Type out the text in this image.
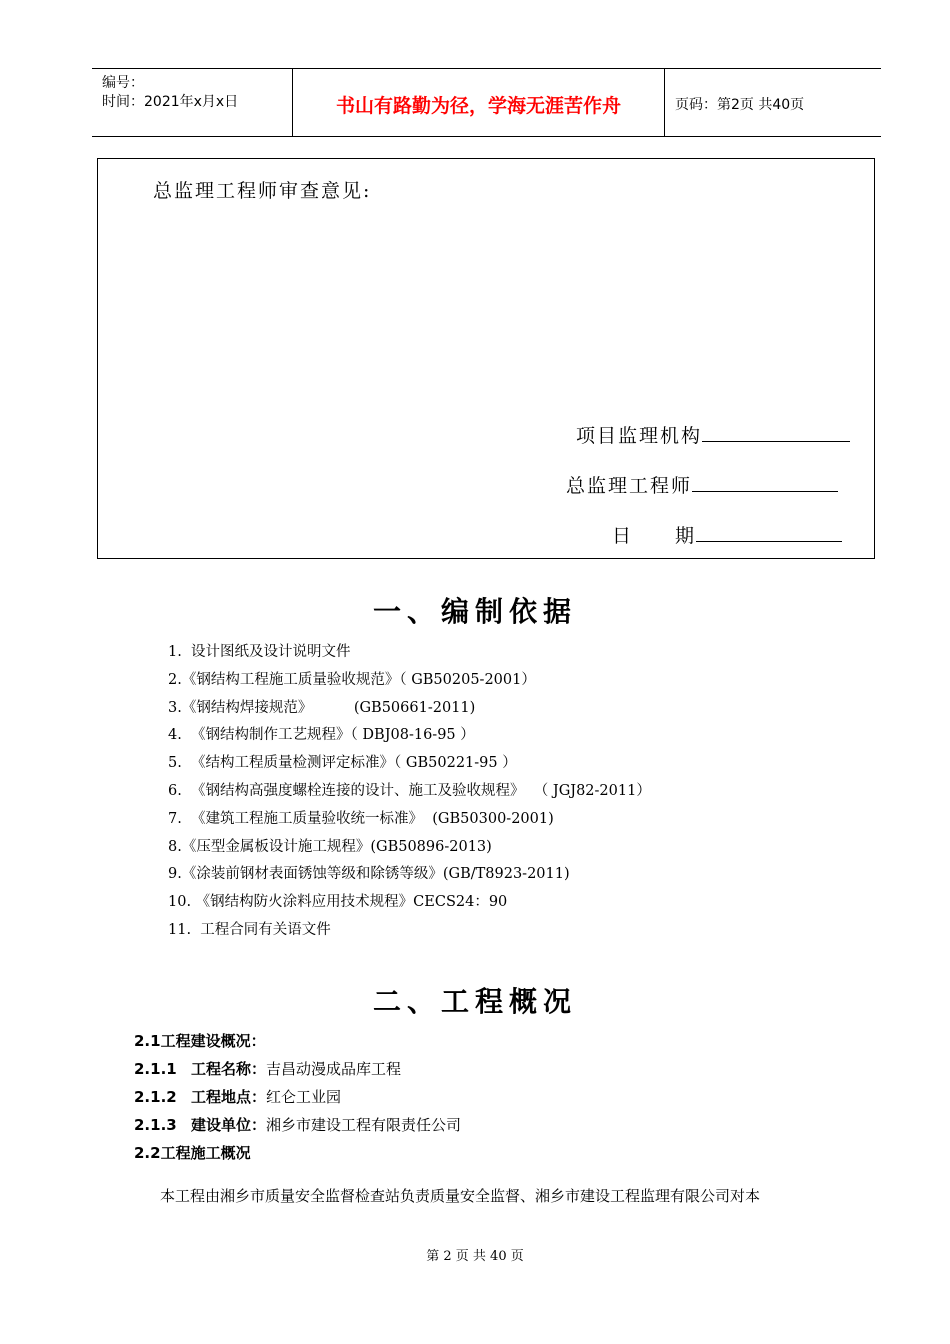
编号：
时间：2021年x月x日	书山有路勤为径，学海无涯苦作舟	页码：第2页 共40页
总监理工程师审查意见:
项目监理机构
总监理工程师
日　　期
一、编制依据
1.  设计图纸及设计说明文件
2.《钢结构工程施工质量验收规范》（ GB50205-2001）
3.《钢结构焊接规范》         (GB50661-2011)
4.  《钢结构制作工艺规程》（ DBJ08-16-95 ）
5.  《结构工程质量检测评定标准》（ GB50221-95 ）
6.  《钢结构高强度螺栓连接的设计、施工及验收规程》  （ JGJ82-2011）
7.  《建筑工程施工质量验收统一标准》  (GB50300-2001)
8.《压型金属板设计施工规程》(GB50896-2013)
9.《涂装前钢材表面锈蚀等级和除锈等级》(GB/T8923-2011)
10. 《钢结构防火涂料应用技术规程》CECS24：90
11.  工程合同有关语文件
二、工程概况
2.1工程建设概况：
2.1.1 工程名称：吉昌动漫成品库工程
2.1.2 工程地点：红仑工业园
2.1.3 建设单位：湘乡市建设工程有限责任公司
2.2工程施工概况
本工程由湘乡市质量安全监督检查站负责质量安全监督、湘乡市建设工程监理有限公司对本
第 2 页 共 40 页
